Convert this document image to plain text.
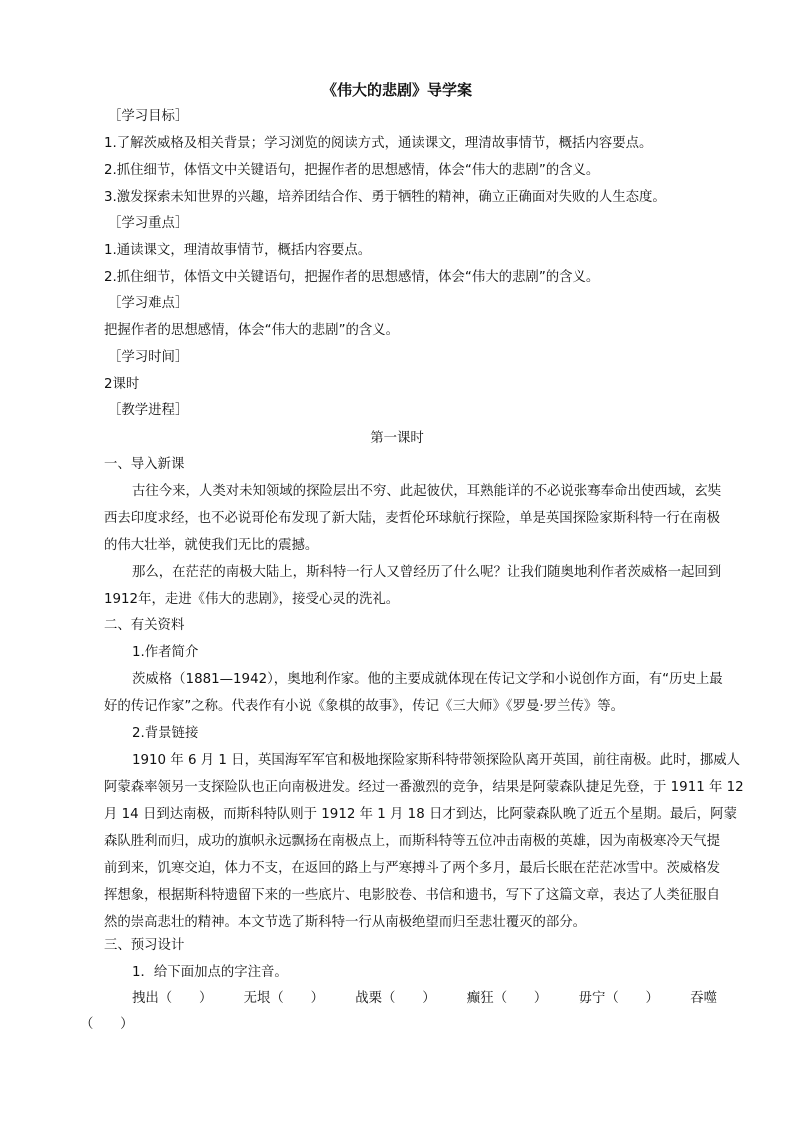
《伟大的悲剧》导学案
［学习目标］
1.了解茨威格及相关背景；学习浏览的阅读方式，通读课文，理清故事情节，概括内容要点。
2.抓住细节，体悟文中关键语句，把握作者的思想感情，体会“伟大的悲剧”的含义。
3.激发探索未知世界的兴趣，培养团结合作、勇于牺牲的精神，确立正确面对失败的人生态度。
［学习重点］
1.通读课文，理清故事情节，概括内容要点。
2.抓住细节，体悟文中关键语句，把握作者的思想感情，体会“伟大的悲剧”的含义。
［学习难点］
把握作者的思想感情，体会“伟大的悲剧”的含义。
［学习时间］
2课时
［教学进程］
第一课时
一、导入新课
古往今来，人类对未知领域的探险层出不穷、此起彼伏，耳熟能详的不必说张骞奉命出使西域，玄奘
西去印度求经，也不必说哥伦布发现了新大陆，麦哲伦环球航行探险，单是英国探险家斯科特一行在南极
的伟大壮举，就使我们无比的震撼。
那么，在茫茫的南极大陆上，斯科特一行人又曾经历了什么呢？让我们随奥地利作者茨威格一起回到
1912年，走进《伟大的悲剧》，接受心灵的洗礼。
二、有关资料
1.作者简介
茨威格（1881—1942），奥地利作家。他的主要成就体现在传记文学和小说创作方面，有“历史上最
好的传记作家”之称。代表作有小说《象棋的故事》，传记《三大师》《罗曼·罗兰传》等。
2.背景链接
1910 年 6 月 1 日，英国海军军官和极地探险家斯科特带领探险队离开英国，前往南极。此时，挪威人
阿蒙森率领另一支探险队也正向南极进发。经过一番激烈的竞争，结果是阿蒙森队捷足先登，于 1911 年 12
月 14 日到达南极，而斯科特队则于 1912 年 1 月 18 日才到达，比阿蒙森队晚了近五个星期。最后，阿蒙
森队胜利而归，成功的旗帜永远飘扬在南极点上，而斯科特等五位冲击南极的英雄，因为南极寒冷天气提
前到来，饥寒交迫，体力不支，在返回的路上与严寒搏斗了两个多月，最后长眠在茫茫冰雪中。茨威格发
挥想象，根据斯科特遗留下来的一些底片、电影胶卷、书信和遗书，写下了这篇文章，表达了人类征服自
然的崇高悲壮的精神。本文节选了斯科特一行从南极绝望而归至悲壮覆灭的部分。
三、预习设计
1．给下面加点的字注音。
拽出（　　） 无垠（　　） 战栗（　　） 癫狂（　　） 毋宁（　　） 吞噬
（　　）
